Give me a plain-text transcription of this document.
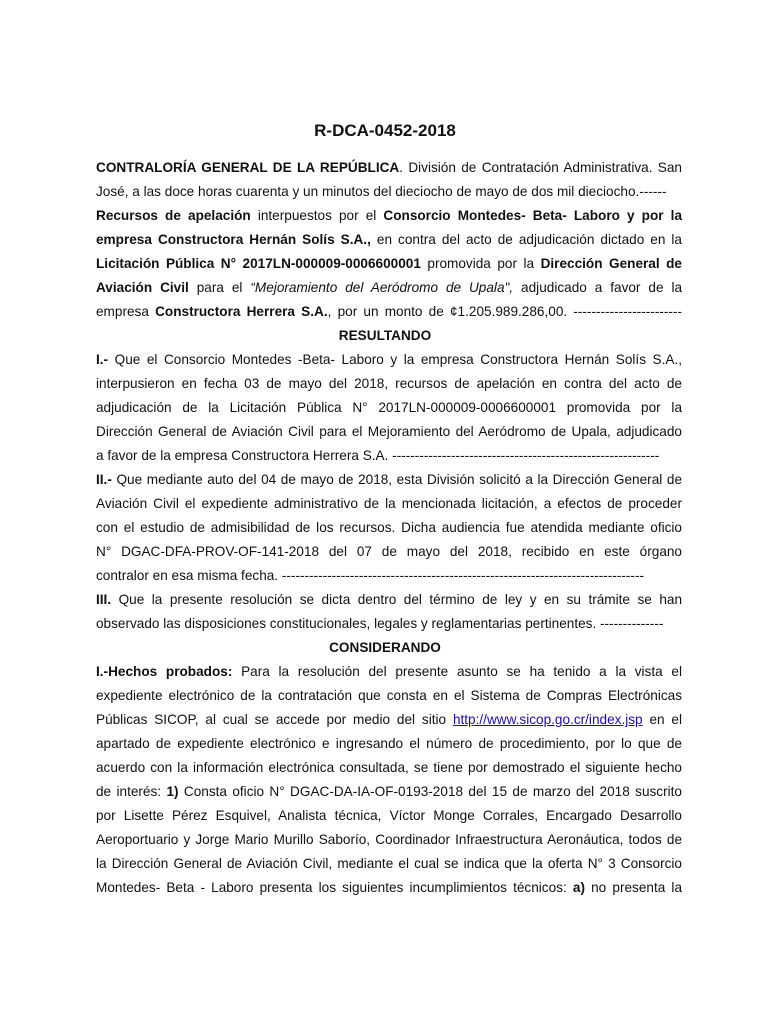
R-DCA-0452-2018
CONTRALORÍA GENERAL DE LA REPÚBLICA. División de Contratación Administrativa. San
José, a las doce horas cuarenta y un minutos del dieciocho de mayo de dos mil dieciocho.------
Recursos de apelación interpuestos por el Consorcio Montedes- Beta- Laboro y por la
empresa Constructora Hernán Solís S.A., en contra del acto de adjudicación dictado en la
Licitación Pública N° 2017LN-000009-0006600001 promovida por la Dirección General de
Aviación Civil para el “Mejoramiento del Aeródromo de Upala", adjudicado a favor de la
empresa Constructora Herrera S.A., por un monto de ¢1.205.989.286,00. ------------------------
RESULTANDO
I.- Que el Consorcio Montedes -Beta- Laboro y la empresa Constructora Hernán Solís S.A.,
interpusieron en fecha 03 de mayo del 2018, recursos de apelación en contra del acto de
adjudicación de la Licitación Pública N° 2017LN-000009-0006600001 promovida por la
Dirección General de Aviación Civil para el Mejoramiento del Aeródromo de Upala, adjudicado
a favor de la empresa Constructora Herrera S.A. -----------------------------------------------------------
II.- Que mediante auto del 04 de mayo de 2018, esta División solicitó a la Dirección General de
Aviación Civil el expediente administrativo de la mencionada licitación, a efectos de proceder
con el estudio de admisibilidad de los recursos. Dicha audiencia fue atendida mediante oficio
N° DGAC-DFA-PROV-OF-141-2018 del 07 de mayo del 2018, recibido en este órgano
contralor en esa misma fecha. --------------------------------------------------------------------------------
III. Que la presente resolución se dicta dentro del término de ley y en su trámite se han
observado las disposiciones constitucionales, legales y reglamentarias pertinentes. --------------
CONSIDERANDO
I.-Hechos probados: Para la resolución del presente asunto se ha tenido a la vista el
expediente electrónico de la contratación que consta en el Sistema de Compras Electrónicas
Públicas SICOP, al cual se accede por medio del sitio http://www.sicop.go.cr/index.jsp en el
apartado de expediente electrónico e ingresando el número de procedimiento, por lo que de
acuerdo con la información electrónica consultada, se tiene por demostrado el siguiente hecho
de interés: 1) Consta oficio N° DGAC-DA-IA-OF-0193-2018 del 15 de marzo del 2018 suscrito
por Lisette Pérez Esquivel, Analista técnica, Víctor Monge Corrales, Encargado Desarrollo
Aeroportuario y Jorge Mario Murillo Saborío, Coordinador Infraestructura Aeronáutica, todos de
la Dirección General de Aviación Civil, mediante el cual se indica que la oferta N° 3 Consorcio
Montedes- Beta - Laboro presenta los siguientes incumplimientos técnicos: a) no presenta la
